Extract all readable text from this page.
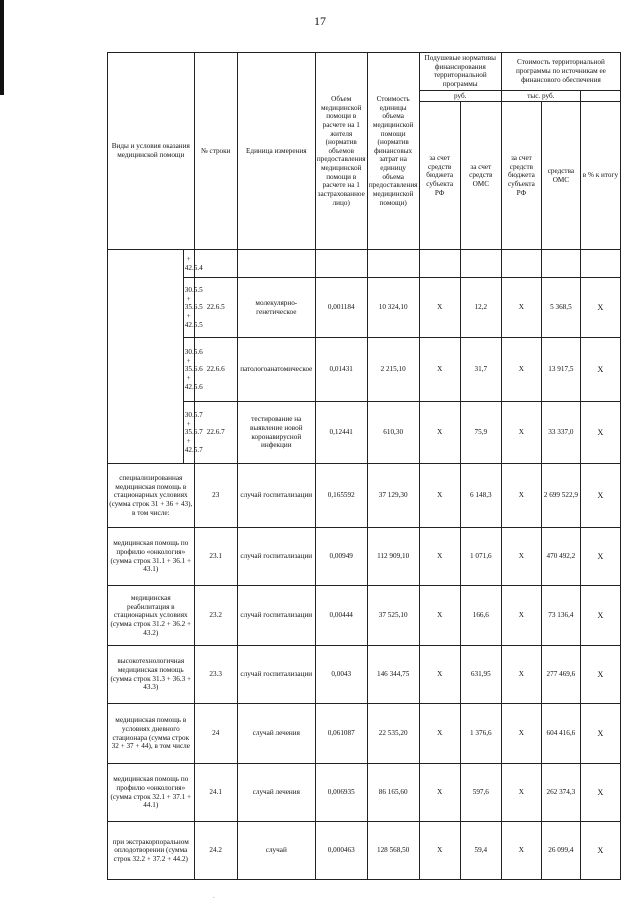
17
Виды и условия оказания медицинской помощи		№ строки	Единица измерения	Объем медицинской помощи в расчете на 1 жителя (норматив объемов предоставления медицинской помощи в расчете на 1 застрахованное лицо)	Стоимость единицы объема медицинской помощи (норматив финансовых затрат на единицу объема предоставления медицинской помощи)	Подушевые нормативы финансирования территориальной программы		Стоимость территориальной программы по источникам ее финансового обеспечения		
						руб.		тыс. руб.		
						за счет средств бюджета субъекта РФ	за счет средств ОМС	за счет средств бюджета субъекта РФ	средства ОМС	в % к итогу
	+ 42.5.4									
	30.5.5 + 35.6.5 + 42.5.5	22.6.5	молекулярно-генетическое	0,001184	10 324,10	X	12,2	X	5 368,5	X
	30.5.6 + 35.6.6 + 42.5.6	22.6.6	патологоанатомическое	0,01431	2 215,10	X	31,7	X	13 917,5	X
	30.5.7 + 35.6.7 + 42.5.7	22.6.7	тестирование на выявление новой коронавирусной инфекции	0,12441	610,30	X	75,9	X	33 337,0	X
специализированная медицинская помощь в стационарных условиях (сумма строк 31 + 36 + 43), в том числе:		23	случай госпитализации	0,165592	37 129,30	X	6 148,3	X	2 699 522,9	X
медицинская помощь по профилю «онкология» (сумма строк 31.1 + 36.1 + 43.1)		23.1	случай госпитализации	0,00949	112 909,10	X	1 071,6	X	470 492,2	X
медицинская реабилитация в стационарных условиях (сумма строк 31.2 + 36.2 + 43.2)		23.2	случай госпитализации	0,00444	37 525,10	X	166,6	X	73 136,4	X
высокотехнологичная медицинская помощь (сумма строк 31.3 + 36.3 + 43.3)		23.3	случай госпитализации	0,0043	146 344,75	X	631,95	X	277 469,6	X
медицинская помощь в условиях дневного стационара (сумма строк 32 + 37 + 44), в том числе		24	случай лечения	0,061087	22 535,20	X	1 376,6	X	604 416,6	X
медицинская помощь по профилю «онкология» (сумма строк 32.1 + 37.1 + 44.1)		24.1	случай лечения	0,006935	86 165,60	X	597,6	X	262 374,3	X
при экстракорпоральном оплодотворении (сумма строк 32.2 + 37.2 + 44.2)		24.2	случай	0,000463	128 568,50	X	59,4	X	26 099,4	X
.
